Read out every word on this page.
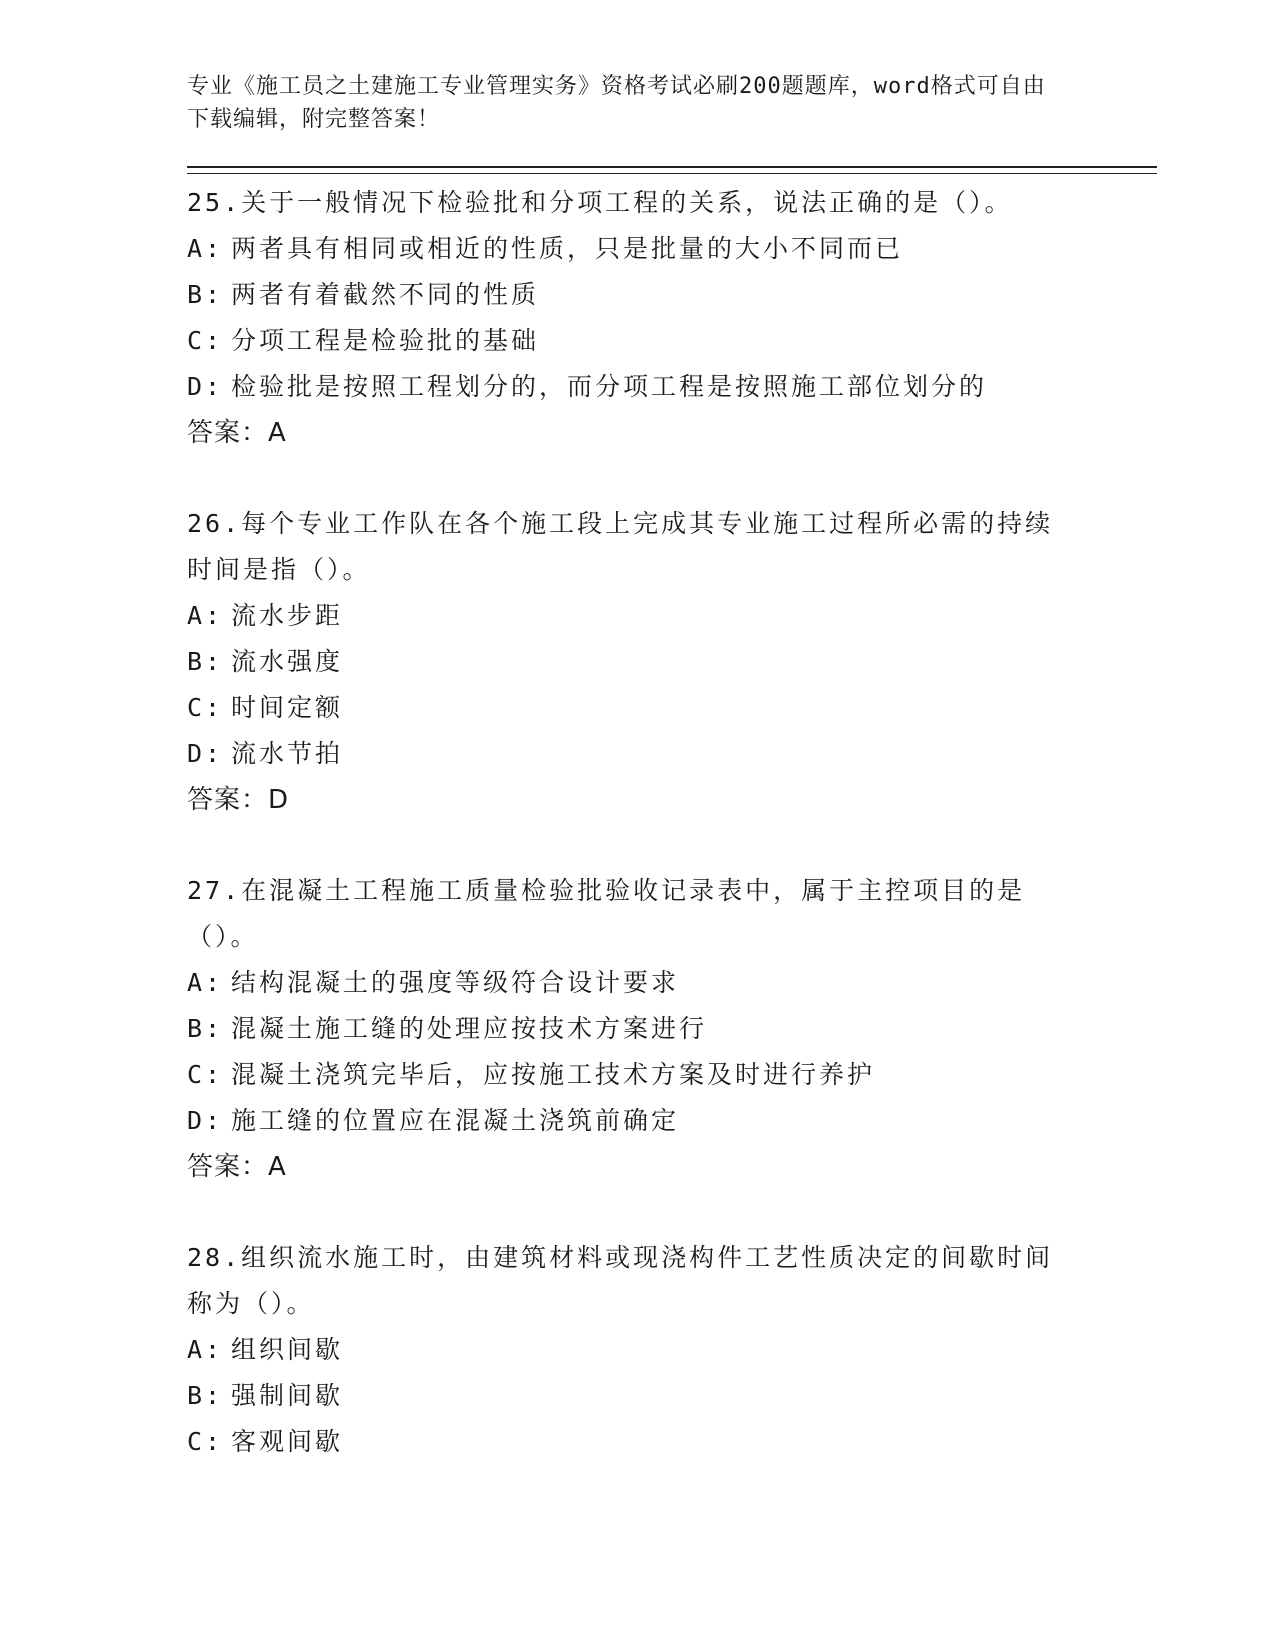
专业《施工员之土建施工专业管理实务》资格考试必刷200题题库，word格式可自由下载编辑，附完整答案！
25.关于一般情况下检验批和分项工程的关系，说法正确的是（）。
A: 两者具有相同或相近的性质，只是批量的大小不同而已
B: 两者有着截然不同的性质
C: 分项工程是检验批的基础
D: 检验批是按照工程划分的，而分项工程是按照施工部位划分的
答案：A
26.每个专业工作队在各个施工段上完成其专业施工过程所必需的持续时间是指（）。
A: 流水步距
B: 流水强度
C: 时间定额
D: 流水节拍
答案：D
27.在混凝土工程施工质量检验批验收记录表中，属于主控项目的是（）。
A: 结构混凝土的强度等级符合设计要求
B: 混凝土施工缝的处理应按技术方案进行
C: 混凝土浇筑完毕后，应按施工技术方案及时进行养护
D: 施工缝的位置应在混凝土浇筑前确定
答案：A
28.组织流水施工时，由建筑材料或现浇构件工艺性质决定的间歇时间称为（）。
A: 组织间歇
B: 强制间歇
C: 客观间歇
